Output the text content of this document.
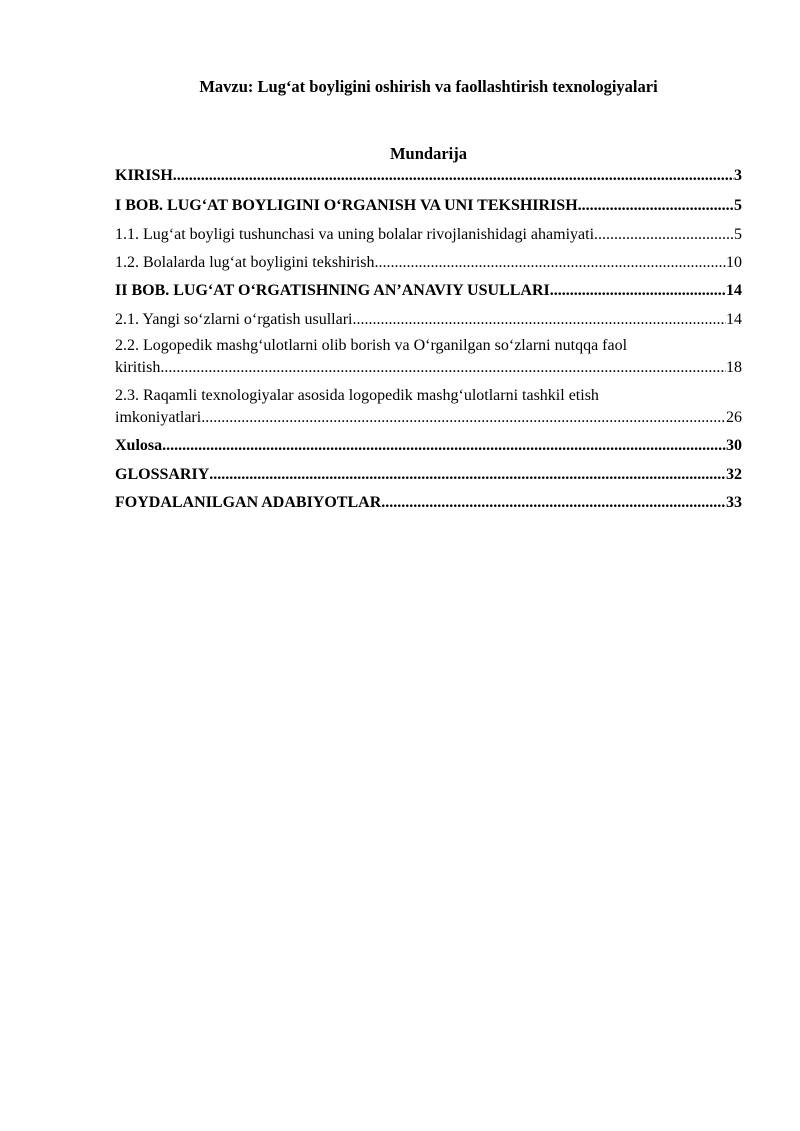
Mavzu: Lug‘at boyligini oshirish va faollashtirish texnologiyalari
Mundarija
KIRISH .....	3
I BOB. LUG‘AT BOYLIGINI O‘RGANISH VA UNI TEKSHIRISH .....	5
1.1. Lug‘at boyligi tushunchasi va uning bolalar rivojlanishidagi ahamiyati .....	5
1.2. Bolalarda lug‘at boyligini tekshirish .....	10
II BOB. LUG‘AT O‘RGATISHNING AN’ANAVIY USULLARI .....	14
2.1. Yangi so‘zlarni o‘rgatish usullari .....	14
2.2. Logopedik mashg‘ulotlarni olib borish va O‘rganilgan so‘zlarni nutqqa faol
kiritish .....	18
2.3. Raqamli texnologiyalar asosida logopedik mashg‘ulotlarni tashkil etish
imkoniyatlari .....	26
Xulosa .....	30
GLOSSARIY .....	32
FOYDALANILGAN ADABIYOTLAR .....	33
